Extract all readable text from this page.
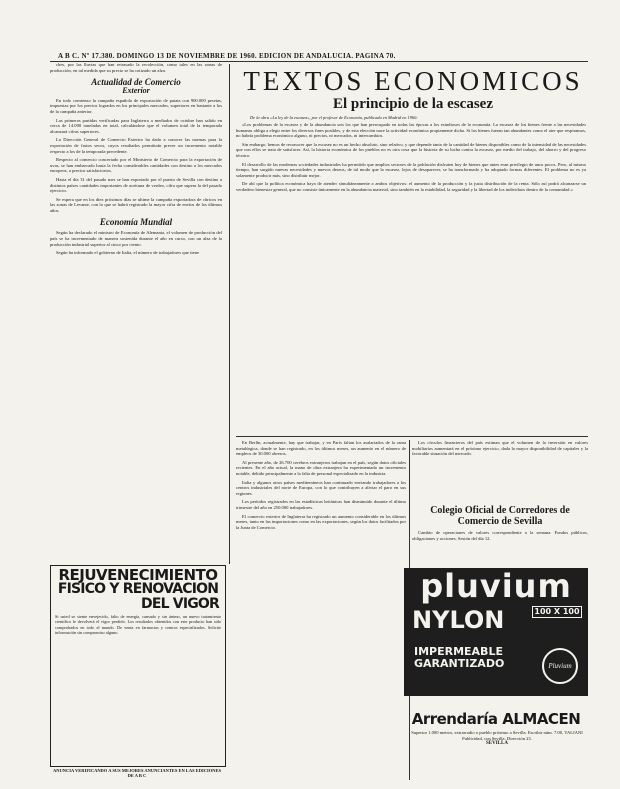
A B C. Nº 17.380. DOMINGO 13 DE NOVIEMBRE DE 1960. EDICION DE ANDALUCIA. PAGINA 70.

ches, por las lluvias que han retrasado la recolección, como tales en las zonas de producción, en tal medida que su precio se ha cotizado un alza.

Actualidad de Comercio
Exterior

En todo comienzo la campaña española de exportación de patata con 900.000 pesetas, impuestas por los precios logrados en los principales mercados, superiores en bastante a los de la campaña anterior.

Las primeras partidas verificadas para Inglaterra a mediados de octubre han salido en cerca de 14.000 toneladas en total, calculándose que el volumen total de la temporada alcanzará cifras superiores.

La Dirección General de Comercio Exterior ha dado a conocer las normas para la exportación de frutos secos, cuyos resultados permitirán prever un incremento notable respecto a los de la temporada precedente.

Respecto al comercio concertado por el Ministerio de Comercio para la exportación de uvas, se han embarcado hasta la fecha considerables cantidades con destino a los mercados europeos, a precios satisfactorios.

Hasta el día 31 del pasado mes se han exportado por el puerto de Sevilla con destino a distintos países cantidades importantes de aceituna de verdeo, cifra que supera la del pasado ejercicio.

Se espera que en los diez próximos días se ultime la campaña exportadora de cítricos en las zonas de Levante, con lo que se habrá registrado la mayor cifra de envíos de los últimos años.

Economía Mundial

Según ha declarado el ministro de Economía de Alemania, el volumen de producción del país se ha incrementado de manera sostenida durante el año en curso, con un alza de la producción industrial superior al cinco por ciento.

Según ha informado el gobierno de Italia, el número de trabajadores que tiene

TEXTOS ECONOMICOS
El principio de la escasez
De la obra «La ley de la escasez», por el profesor de Economía, publicada en Madrid en 1960:

«Los problemas de la escasez y de la abundancia son los que han preocupado en todas las épocas a los estudiosos de la economía. La escasez de los bienes frente a las necesidades humanas obliga a elegir entre los diversos fines posibles, y de esta elección nace la actividad económica propiamente dicha. Si los bienes fueran tan abundantes como el aire que respiramos, no habría problema económico alguno, ni precios, ni mercados, ni intercambios.

Sin embargo, hemos de reconocer que la escasez no es un hecho absoluto, sino relativo, y que depende tanto de la cantidad de bienes disponibles como de la intensidad de las necesidades que con ellos se trata de satisfacer. Así, la historia económica de los pueblos no es otra cosa que la historia de su lucha contra la escasez, por medio del trabajo, del ahorro y del progreso técnico.

El desarrollo de las modernas sociedades industriales ha permitido que amplios sectores de la población disfruten hoy de bienes que antes eran privilegio de unos pocos. Pero, al mismo tiempo, han surgido nuevas necesidades y nuevos deseos, de tal modo que la escasez, lejos de desaparecer, se ha transformado y ha adoptado formas diferentes. El problema no es ya solamente producir más, sino distribuir mejor.

De ahí que la política económica haya de atender simultáneamente a ambos objetivos: el aumento de la producción y la justa distribución de la renta. Sólo así podrá alcanzarse un verdadero bienestar general, que no consiste únicamente en la abundancia material, sino también en la estabilidad, la seguridad y la libertad de los individuos dentro de la comunidad.»

En Berlín, actualmente, hay que trabajar, y en París faltan los asalariados de la rama metalúrgica, donde se han registrado, en los últimos meses, un aumento en el número de empleos de 30.000 obreros.

Al presente año, de 26.700 cerebros extranjeros trabajan en el país, según datos oficiales recientes. En el año actual, la mano de obra extranjera ha experimentado un incremento notable, debido principalmente a la falta de personal especializado en la industria.

Italia y algunos otros países mediterráneos han continuado enviando trabajadores a los centros industriales del norte de Europa, con lo que contribuyen a aliviar el paro en sus regiones.

Los períodos registrados en las estadísticas británicas han disminuido durante el último trimestre del año en 250.000 trabajadores.

El comercio exterior de Inglaterra ha registrado un aumento considerable en los últimos meses, tanto en las importaciones como en las exportaciones, según los datos facilitados por la Junta de Comercio.

Los círculos financieros del país estiman que el volumen de la inversión en valores mobiliarios aumentará en el próximo ejercicio, dada la mayor disponibilidad de capitales y la favorable situación del mercado.

Colegio Oficial de Corredores de Comercio de Sevilla

Cambio de operaciones de valores correspondiente a la semana. Fondos públicos, obligaciones y acciones. Sesión del día 12.

REJUVENECIMIENTO
FISICO Y RENOVACION
DEL VIGOR
Si usted se siente envejecido, falto de energía, cansado y sin ánimo, un nuevo tratamiento científico le devolverá el vigor perdido. Los resultados obtenidos con este producto han sido comprobados en todo el mundo. De venta en farmacias y centros especializados. Solicite información sin compromiso alguno.
ANUNCIA VERIFICANDO A SUS MEJORES ANUNCIANTES EN LAS EDICIONES DE A B C
pluvium
NYLON	100 X 100
IMPERMEABLE
GARANTIZADO	Pluvium
Arrendaría ALMACEN
Superior 1.000 metros, extrarradio o pueblo próximo a Sevilla. Escribir núm. 7.00, VALIANI Publicidad, con Sevilla. Dirección 23.
SEVILLA
